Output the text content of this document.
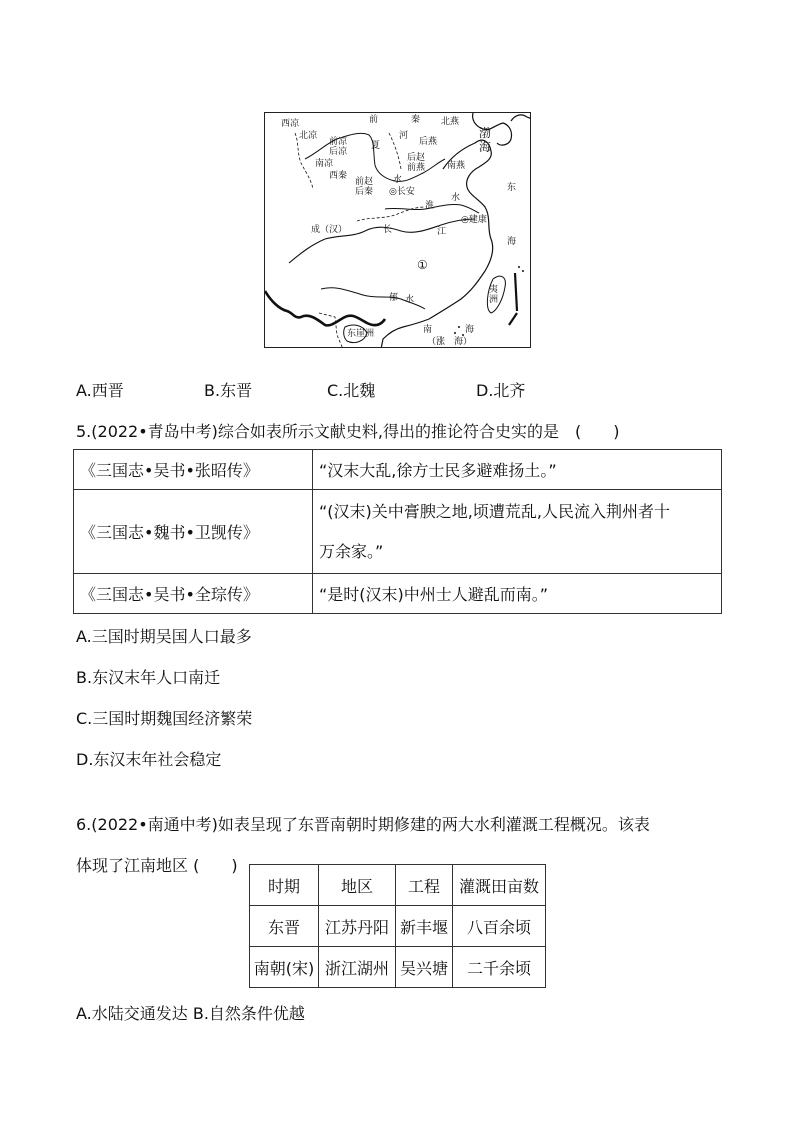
西凉	前	秦 北燕
北凉
前凉
后凉
河
后燕
渤
海
夏
后赵
前燕
南凉
西秦
南燕
前赵
后秦
水
◎长安	东
淮
水
◎建康
成（汉）	长	江
海
①
夷
洲
郁 水
东崖洲	南	海
（涨　海）
A.西晋	B.东晋	C.北魏	D.北齐
5.(2022•青岛中考)综合如表所示文献史料,得出的推论符合史实的是　(　　)
《三国志•吴书•张昭传》	“汉末大乱,徐方士民多避难扬土。”
《三国志•魏书•卫觊传》	“(汉末)关中膏腴之地,顷遭荒乱,人民流入荆州者十
万余家。”

《三国志•吴书•全琮传》	“是时(汉末)中州士人避乱而南。”
A.三国时期吴国人口最多
B.东汉末年人口南迁
C.三国时期魏国经济繁荣
D.东汉末年社会稳定
6.(2022•南通中考)如表呈现了东晋南朝时期修建的两大水利灌溉工程概况。该表
体现了江南地区 (　　)
时期	地区	工程	灌溉田亩数
东晋	江苏丹阳	新丰堰	八百余顷
南朝(宋)	浙江湖州	吴兴塘	二千余顷
A.水陆交通发达 B.自然条件优越
